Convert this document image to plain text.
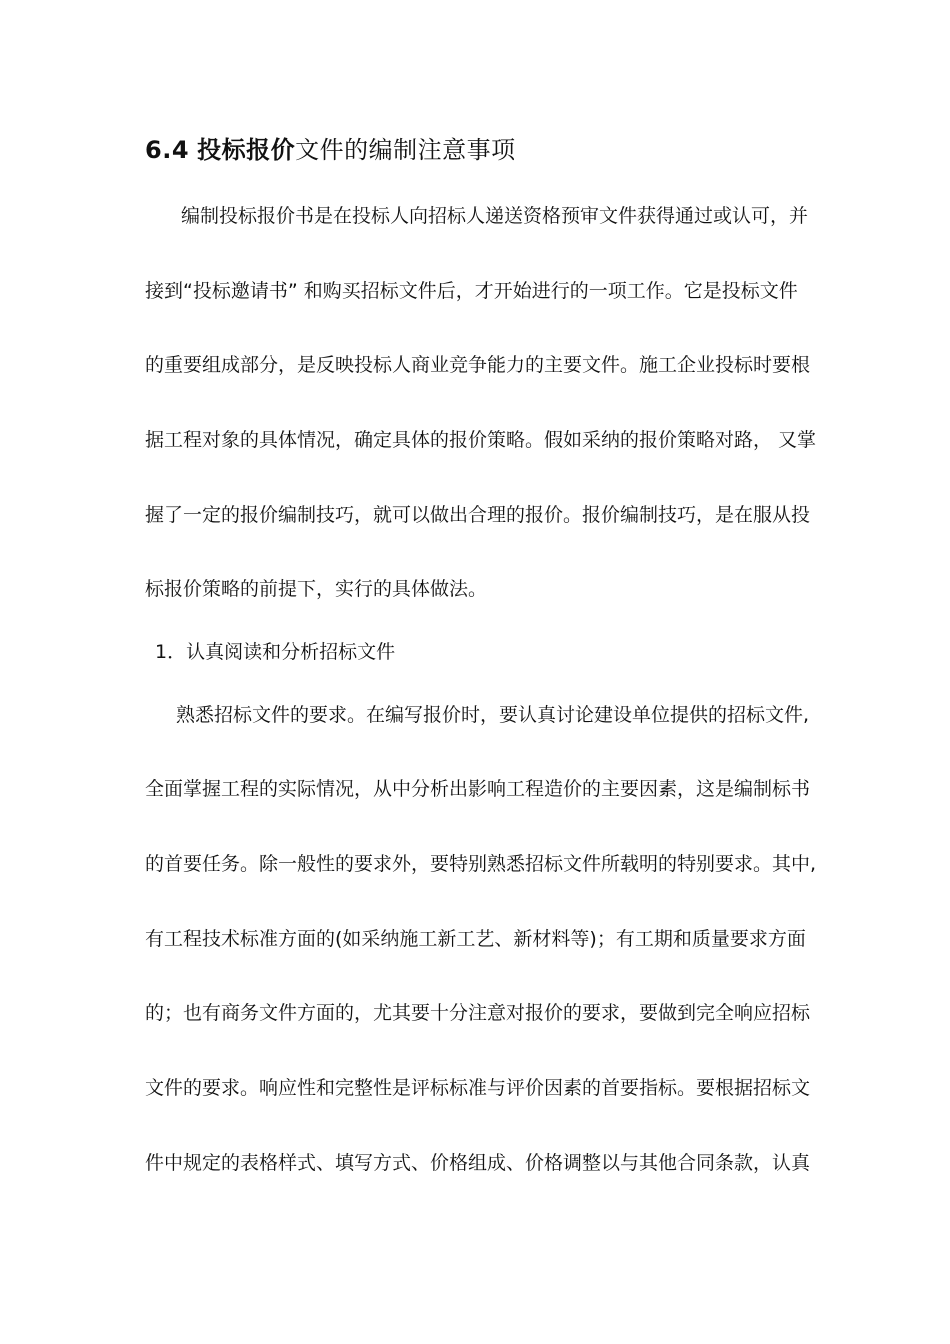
6.4 投标报价文件的编制注意事项
编制投标报价书是在投标人向招标人递送资格预审文件获得通过或认可，并
接到“投标邀请书” 和购买招标文件后，才开始进行的一项工作。它是投标文件
的重要组成部分，是反映投标人商业竞争能力的主要文件。施工企业投标时要根
据工程对象的具体情况，确定具体的报价策略。假如采纳的报价策略对路， 又掌
握了一定的报价编制技巧，就可以做出合理的报价。报价编制技巧，是在服从投
标报价策略的前提下，实行的具体做法。
1．认真阅读和分析招标文件
熟悉招标文件的要求。在编写报价时，要认真讨论建设单位提供的招标文件,
全面掌握工程的实际情况，从中分析出影响工程造价的主要因素，这是编制标书
的首要任务。除一般性的要求外，要特别熟悉招标文件所载明的特别要求。其中,
有工程技术标准方面的(如采纳施工新工艺、新材料等)；有工期和质量要求方面
的；也有商务文件方面的，尤其要十分注意对报价的要求，要做到完全响应招标
文件的要求。响应性和完整性是评标标准与评价因素的首要指标。要根据招标文
件中规定的表格样式、填写方式、价格组成、价格调整以与其他合同条款，认真
